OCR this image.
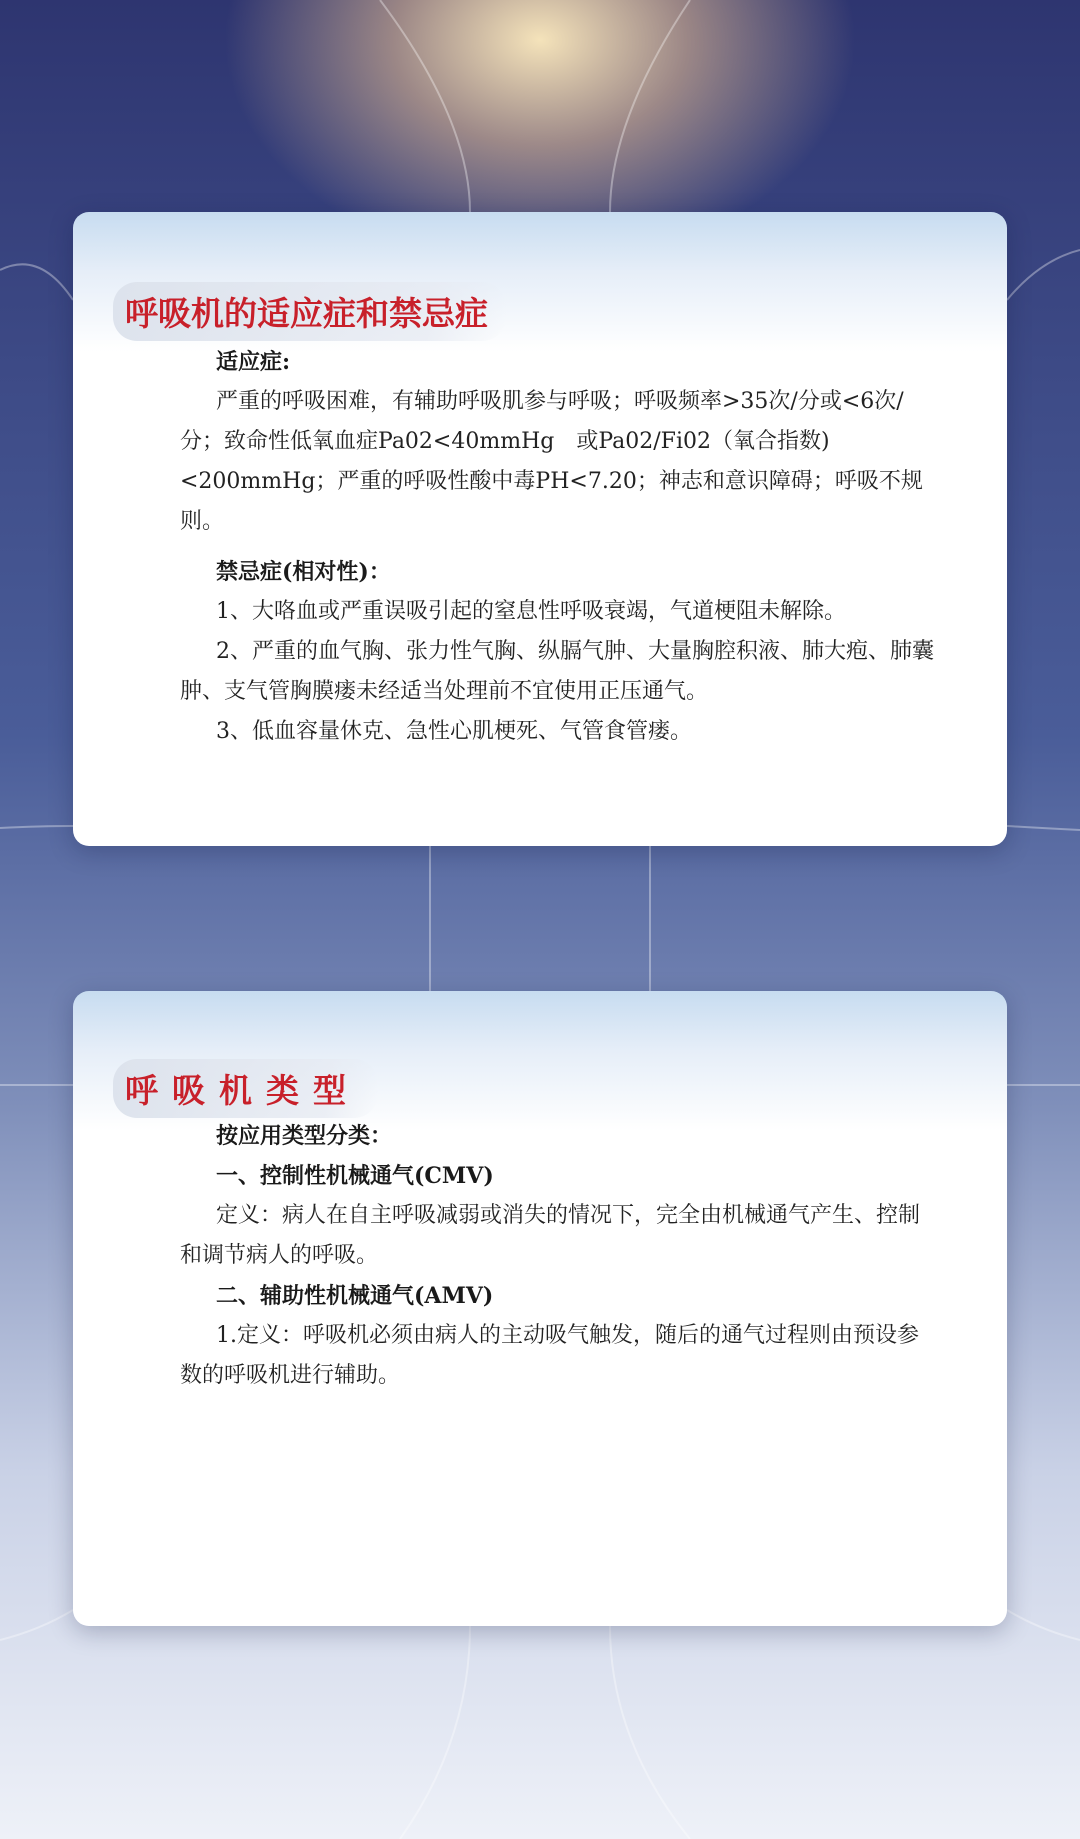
呼吸机的适应症和禁忌症

适应症:

严重的呼吸困难，有辅助呼吸肌参与呼吸；呼吸频率>35次/分或<6次/分；致命性低氧血症Pa02<40mmHg　或Pa02/Fi02（氧合指数)<200mmHg；严重的呼吸性酸中毒PH<7.20；神志和意识障碍；呼吸不规则。

禁忌症(相对性)：

1、大咯血或严重误吸引起的窒息性呼吸衰竭，气道梗阻未解除。

2、严重的血气胸、张力性气胸、纵膈气肿、大量胸腔积液、肺大疱、肺囊肿、支气管胸膜瘘未经适当处理前不宜使用正压通气。

3、低血容量休克、急性心肌梗死、气管食管瘘。

呼吸机类型

按应用类型分类：

一、控制性机械通气(CMV)

定义：病人在自主呼吸减弱或消失的情况下，完全由机械通气产生、控制和调节病人的呼吸。

二、辅助性机械通气(AMV)

1.定义：呼吸机必须由病人的主动吸气触发，随后的通气过程则由预设参数的呼吸机进行辅助。
